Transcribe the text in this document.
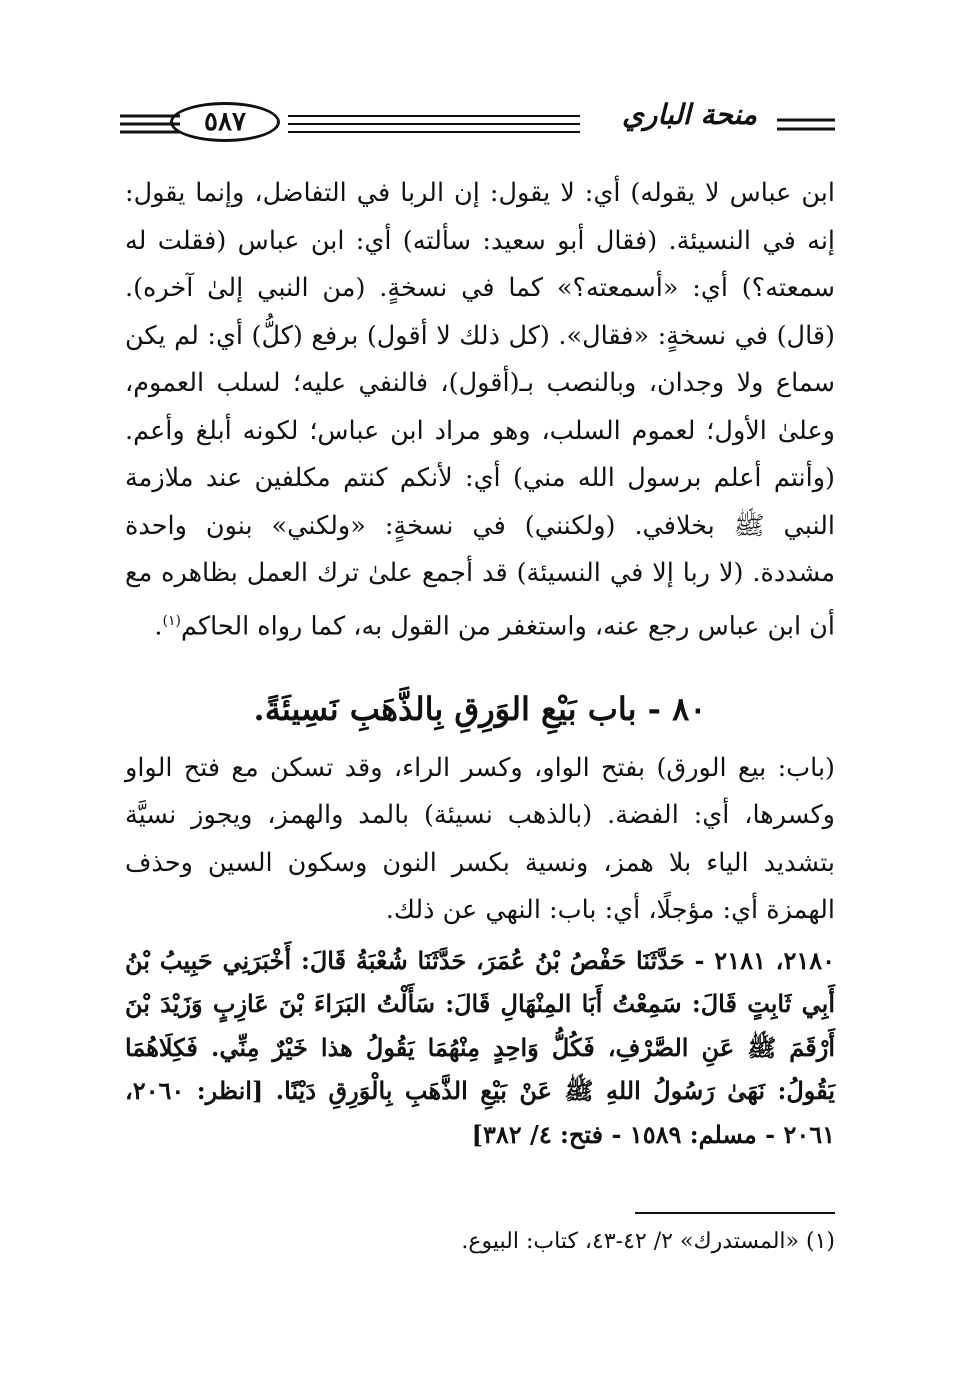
٥٨٧	منحة الباري

ابن عباس لا يقوله) أي: لا يقول: إن الربا في التفاضل، وإنما يقول: إنه في النسيئة. (فقال أبو سعيد: سألته) أي: ابن عباس (فقلت له سمعته؟) أي: «أسمعته؟» كما في نسخةٍ. (من النبي إلىٰ آخره). (قال) في نسخةٍ: «فقال». (كل ذلك لا أقول) برفع (كلُّ) أي: لم يكن سماع ولا وجدان، وبالنصب بـ(أقول)، فالنفي عليه؛ لسلب العموم، وعلىٰ الأول؛ لعموم السلب، وهو مراد ابن عباس؛ لكونه أبلغ وأعم. (وأنتم أعلم برسول الله مني) أي: لأنكم كنتم مكلفين عند ملازمة النبي ﷺ بخلافي. (ولكنني) في نسخةٍ: «ولكني» بنون واحدة مشددة. (لا ربا إلا في النسيئة) قد أجمع علىٰ ترك العمل بظاهره مع أن ابن عباس رجع عنه، واستغفر من القول به، كما رواه الحاكم$^{(١)}$.

٨٠ - باب بَيْعِ الوَرِقِ بِالذَّهَبِ نَسِيئَةً.

(باب: بيع الورق) بفتح الواو، وكسر الراء، وقد تسكن مع فتح الواو وكسرها، أي: الفضة. (بالذهب نسيئة) بالمد والهمز، ويجوز نسيَّة بتشديد الياء بلا همز، ونسية بكسر النون وسكون السين وحذف الهمزة أي: مؤجلًا، أي: باب: النهي عن ذلك.

٢١٨٠، ٢١٨١ - حَدَّثَنَا حَفْصُ بْنُ عُمَرَ، حَدَّثَنَا شُعْبَةُ قَالَ: أَخْبَرَنِي حَبِيبُ بْنُ أَبِي ثَابِتٍ قَالَ: سَمِعْتُ أَبَا المِنْهَالِ قَالَ: سَأَلْتُ البَرَاءَ بْنَ عَازِبٍ وَزَيْدَ بْنَ أَرْقَمَ ﷺ عَنِ الصَّرْفِ، فَكُلُّ وَاحِدٍ مِنْهُمَا يَقُولُ هذا خَيْرٌ مِنِّي. فَكِلَاهُمَا يَقُولُ: نَهَىٰ رَسُولُ اللهِ ﷺ عَنْ بَيْعِ الذَّهَبِ بِالْوَرِقِ دَيْنًا. [انظر: ٢٠٦٠، ٢٠٦١ - مسلم: ١٥٨٩ - فتح: ٤/ ٣٨٢]

(١) «المستدرك» ٢/ ٤٢-٤٣، كتاب: البيوع.
